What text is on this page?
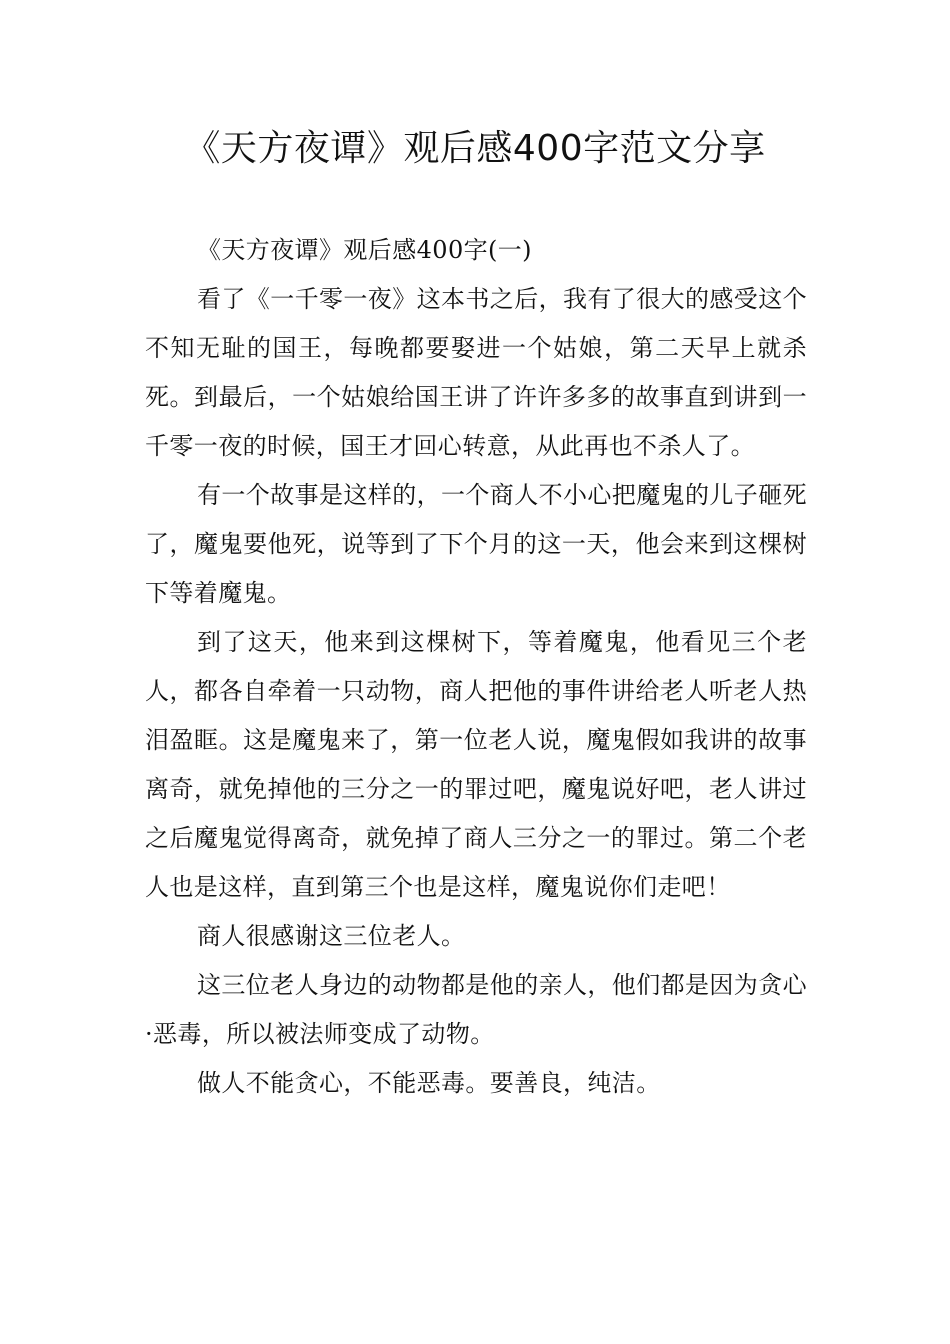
《天方夜谭》观后感400字范文分享

《天方夜谭》观后感400字(一)

看了《一千零一夜》这本书之后，我有了很大的感受这个不知无耻的国王，每晚都要娶进一个姑娘，第二天早上就杀死。到最后，一个姑娘给国王讲了许许多多的故事直到讲到一千零一夜的时候，国王才回心转意，从此再也不杀人了。

有一个故事是这样的，一个商人不小心把魔鬼的儿子砸死了，魔鬼要他死，说等到了下个月的这一天，他会来到这棵树下等着魔鬼。

到了这天，他来到这棵树下，等着魔鬼，他看见三个老人，都各自牵着一只动物，商人把他的事件讲给老人听老人热泪盈眶。这是魔鬼来了，第一位老人说，魔鬼假如我讲的故事离奇，就免掉他的三分之一的罪过吧，魔鬼说好吧，老人讲过之后魔鬼觉得离奇，就免掉了商人三分之一的罪过。第二个老人也是这样，直到第三个也是这样，魔鬼说你们走吧！

商人很感谢这三位老人。

这三位老人身边的动物都是他的亲人，他们都是因为贪心·恶毒，所以被法师变成了动物。

做人不能贪心，不能恶毒。要善良，纯洁。
